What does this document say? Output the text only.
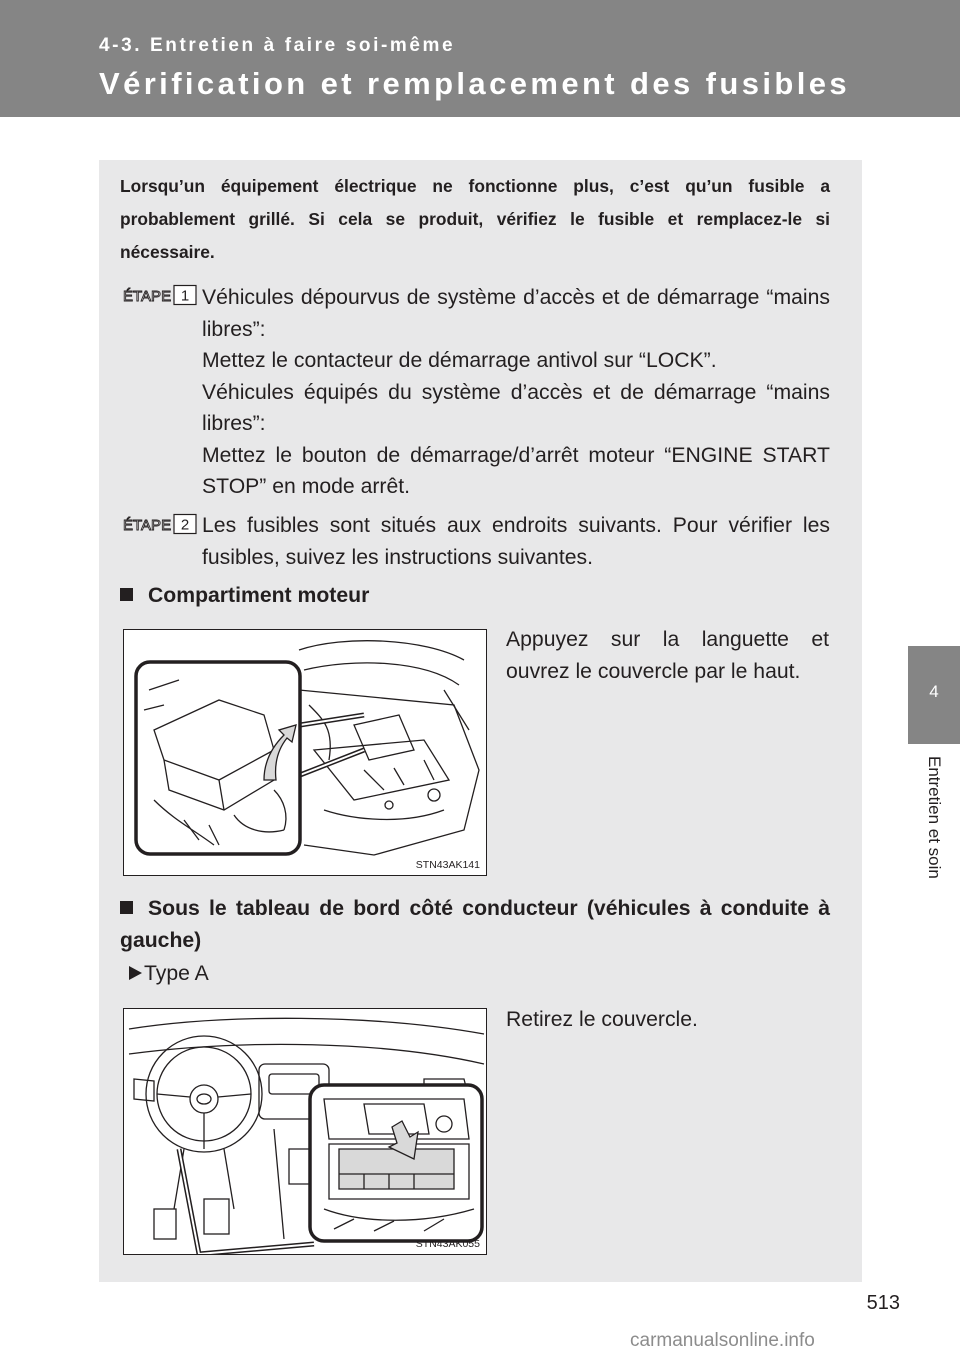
4-3. Entretien à faire soi-même
Vérification et remplacement des fusibles
4
Entretien et soin
Lorsqu’un équipement électrique ne fonctionne plus, c’est qu’un fusible a probablement grillé. Si cela se produit, vérifiez le fusible et remplacez-le si nécessaire.
ÉTAPE 1 Véhicules dépourvus de système d’accès et de démarrage “mains libres”:
Mettez le contacteur de démarrage antivol sur “LOCK”.
Véhicules équipés du système d’accès et de démarrage “mains libres”:
Mettez le bouton de démarrage/d’arrêt moteur “ENGINE START STOP” en mode arrêt.
ÉTAPE 2 Les fusibles sont situés aux endroits suivants. Pour vérifier les fusibles, suivez les instructions suivantes.
Compartiment moteur
STN43AK141
Appuyez sur la languette et ouvrez le couvercle par le haut.
Sous le tableau de bord côté conducteur (véhicules à conduite à gauche)
Type A
STN43AK055
Retirez le couvercle.
513
carmanualsonline.info
